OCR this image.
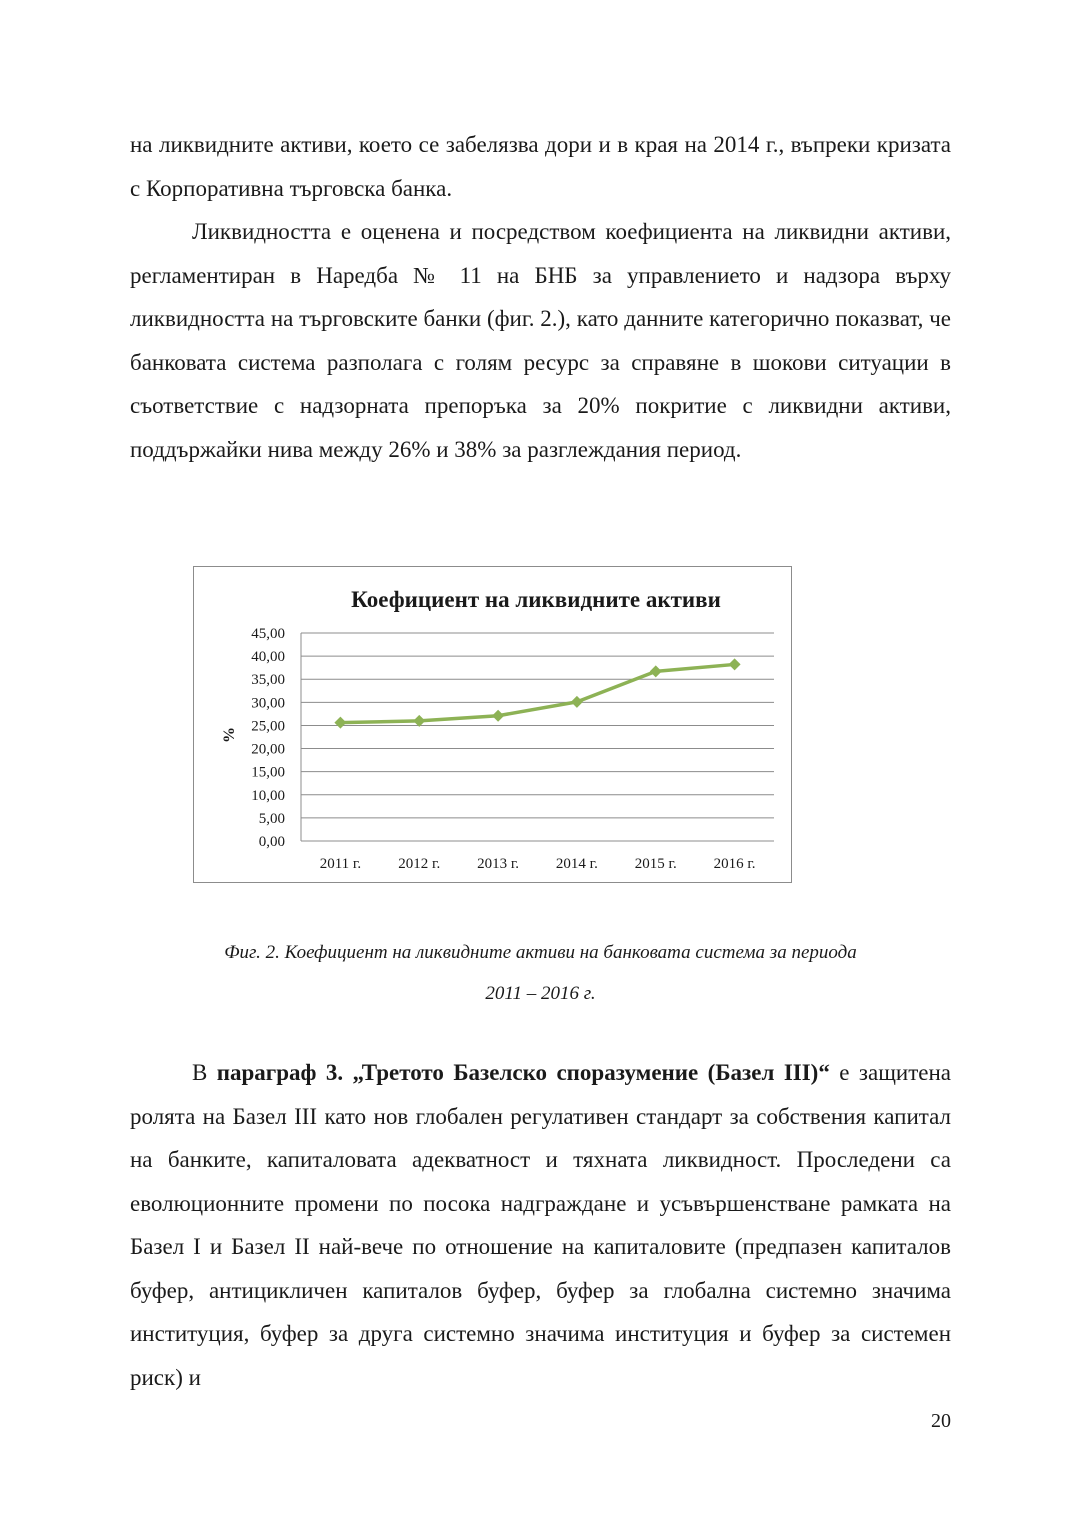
на ликвидните активи, което се забелязва дори и в края на 2014 г., въпреки кризата с Корпоративна търговска банка.

Ликвидността е оценена и посредством коефициента на ликвидни активи, регламентиран в Наредба № 11 на БНБ за управлението и надзора върху ликвидността на търговските банки (фиг. 2.), като данните категорично показват, че банковата система разполага с голям ресурс за справяне в шокови ситуации в съответствие с надзорната препоръка за 20% покритие с ликвидни активи, поддържайки нива между 26% и 38% за разглеждания период.

Коефициент на ликвидните активи
%
0,00
5,00
10,00
15,00
20,00
25,00
30,00
35,00
40,00
45,00
2011 г. 2012 г. 2013 г. 2014 г. 2015 г. 2016 г.

Фиг. 2. Коефициент на ликвидните активи на банковата система за периода

2011 – 2016 г.

В параграф 3. „Третото Базелско споразумение (Базел III)“ е защитена ролята на Базел III като нов глобален регулативен стандарт за собствения капитал на банките, капиталовата адекватност и тяхната ликвидност. Проследени са еволюционните промени по посока надграждане и усъвършенстване рамката на Базел I и Базел II най-вече по отношение на капиталовите (предпазен капиталов буфер, антицикличен капиталов буфер, буфер за глобална системно значима институция, буфер за друга системно значима институция и буфер за системен риск) и

20
